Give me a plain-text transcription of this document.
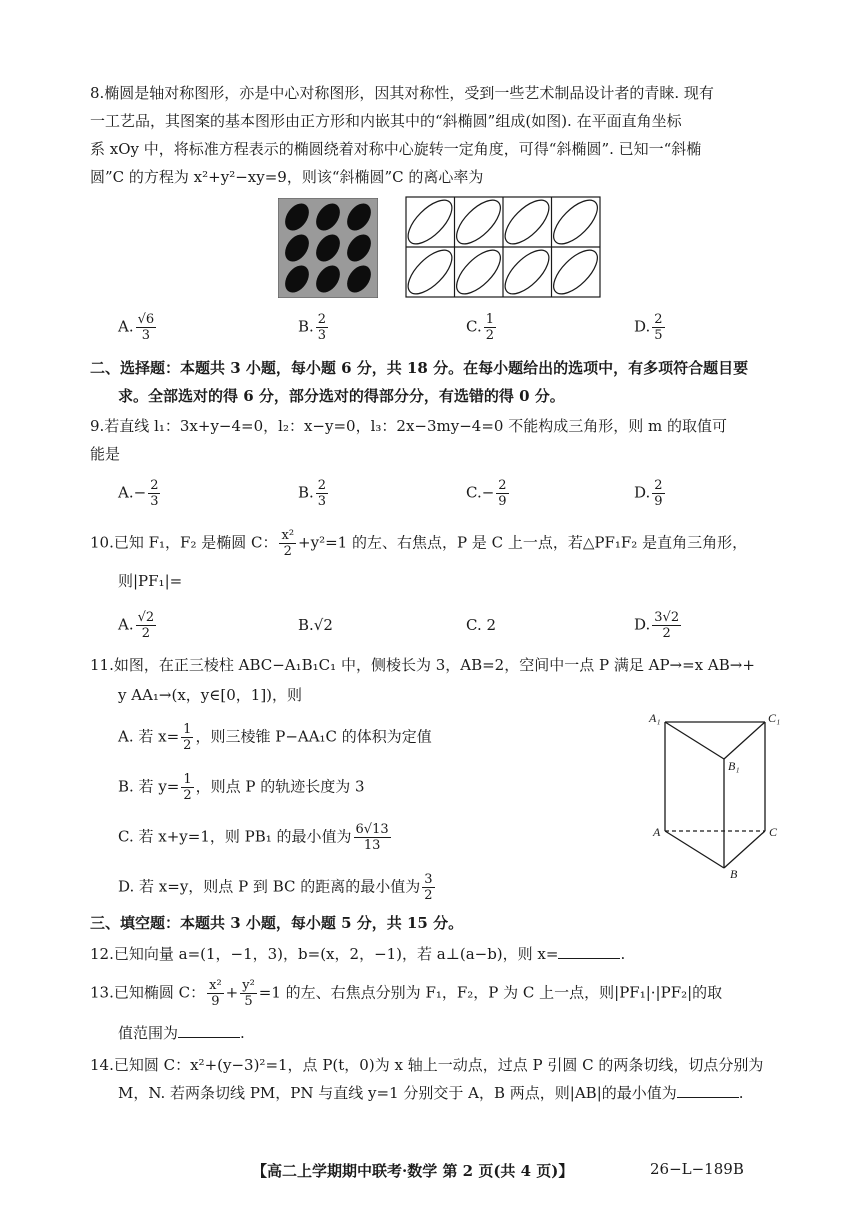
8.椭圆是轴对称图形，亦是中心对称图形，因其对称性，受到一些艺术制品设计者的青睐. 现有
一工艺品，其图案的基本图形由正方形和内嵌其中的“斜椭圆”组成(如图). 在平面直角坐标
系 xOy 中，将标准方程表示的椭圆绕着对称中心旋转一定角度，可得“斜椭圆”. 已知一“斜椭
圆”C 的方程为 x²+y²−xy=9，则该“斜椭圆”C 的离心率为
A. $\frac{√6}{3}$	B. $\frac{2}{3}$	C. $\frac{1}{2}$	D. $\frac{2}{5}$
二、选择题：本题共 3 小题，每小题 6 分，共 18 分。在每小题给出的选项中，有多项符合题目要
求。全部选对的得 6 分，部分选对的得部分分，有选错的得 0 分。
9.若直线 l₁：3x+y−4=0，l₂：x−y=0，l₃：2x−3my−4=0 不能构成三角形，则 m 的取值可
能是
$A.- \frac{2}{3}$	B. $\frac{2}{3}$	$C.- \frac{2}{9}$	D. $\frac{2}{9}$
10.已知 F₁，F₂ 是椭圆 C： $\frac{\text{x²}}{2} +y^2=1$ 的左、右焦点，P 是 C 上一点，若△PF₁F₂ 是直角三角形，
则|PF₁|=
A. $\frac{√2}{2}$	B.√2	C. 2	D. $\frac{3√2}{2}$
11.如图，在正三棱柱 ABC−A₁B₁C₁ 中，侧棱长为 3，AB=2，空间中一点 P 满足 AP→=x AB→+
y AA₁→(x，y∈[0，1])，则
A. 若 $x= \frac{1}{2}$ ，则三棱锥 P−AA₁C 的体积为定值
B. 若 $y= \frac{1}{2}$ ，则点 P 的轨迹长度为 3
C. 若 x+y=1，则 PB₁ 的最小值为 $\frac{6√13}{13}$
D. 若 x=y，则点 P 到 BC 的距离的最小值为 $\frac{3}{2}$
A₁	C₁
B₁
A	C
B
三、填空题：本题共 3 小题，每小题 5 分，共 15 分。
12.已知向量 a=(1，−1，3)，b=(x，2，−1)，若 a⊥(a−b)，则 x=	.
13.已知椭圆 C： $\frac{\text{x²}}{9} + \frac{\text{y²}}{5} =1$ 的左、右焦点分别为 F₁，F₂，P 为 C 上一点，则|PF₁|·|PF₂|的取
值范围为	.
14.已知圆 C：x²+(y−3)²=1，点 P(t，0)为 x 轴上一动点，过点 P 引圆 C 的两条切线，切点分别为
M，N. 若两条切线 PM，PN 与直线 y=1 分别交于 A，B 两点，则|AB|的最小值为	.
【高二上学期期中联考·数学 第 2 页(共 4 页)】	26−L−189B
